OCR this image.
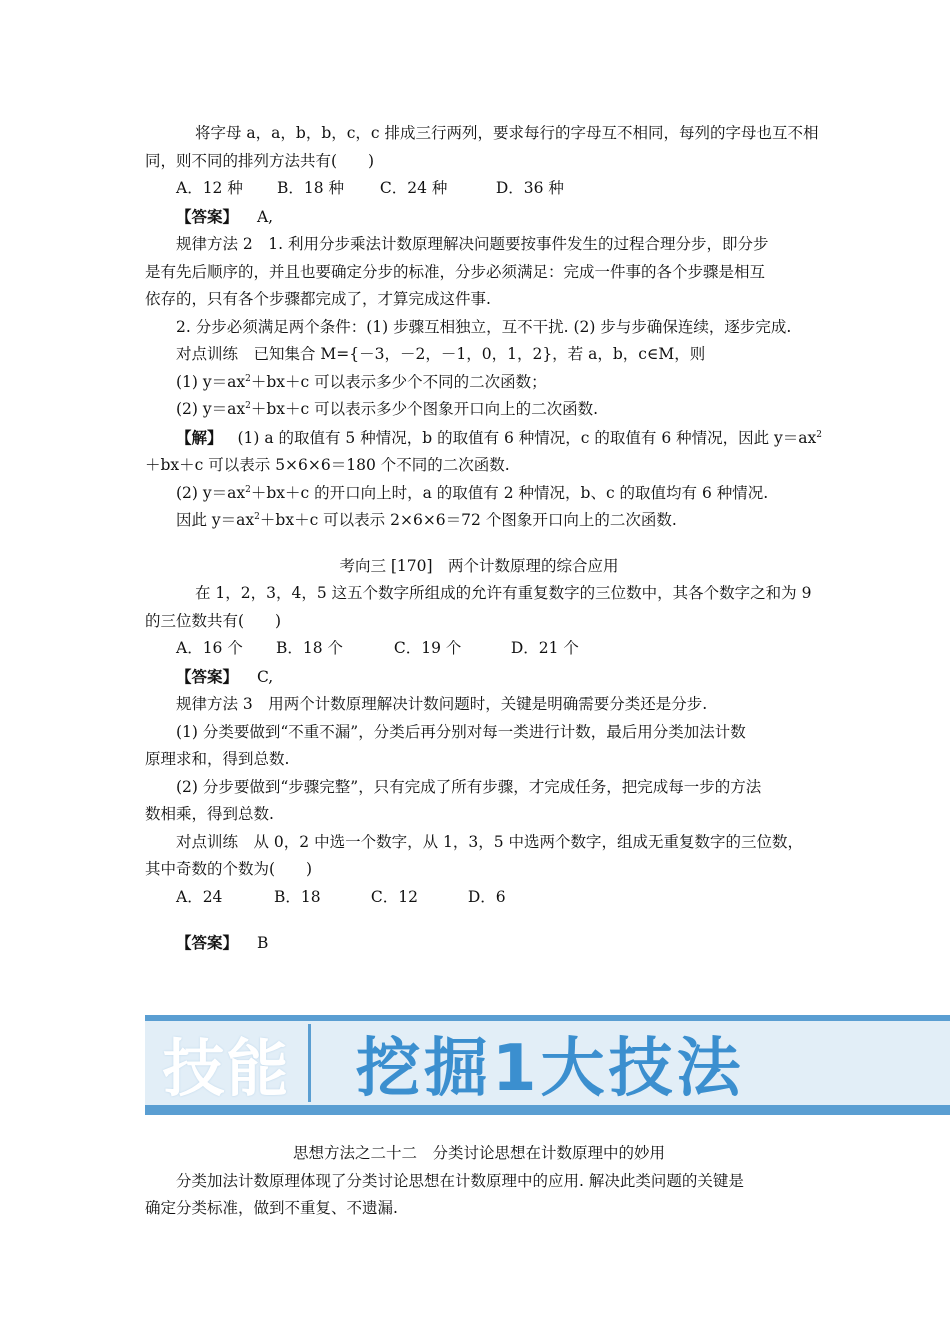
将字母 a，a，b，b，c，c 排成三行两列，要求每行的字母互不相同，每列的字母也互不相
同，则不同的排列方法共有(　　)
A．12 种 B．18 种 C．24 种	D．36 种
【答案】 A,
规律方法 2　1. 利用分步乘法计数原理解决问题要按事件发生的过程合理分步，即分步
是有先后顺序的，并且也要确定分步的标准，分步必须满足：完成一件事的各个步骤是相互
依存的，只有各个步骤都完成了，才算完成这件事.
2. 分步必须满足两个条件：(1) 步骤互相独立，互不干扰. (2) 步与步确保连续，逐步完成.
对点训练　已知集合 M={－3，－2，－1，0，1，2}，若 a，b，c∈M，则
(1) $y=ax^2+bx+c$ 可以表示多少个不同的二次函数；
(2) $y=ax^2+bx+c$ 可以表示多少个图象开口向上的二次函数.
【解】 (1) a 的取值有 5 种情况，b 的取值有 6 种情况，c 的取值有 6 种情况，因此 $y=ax^2$
＋bx＋c 可以表示 5×6×6＝180 个不同的二次函数.
(2) $y=ax^2+bx+c$ 的开口向上时，a 的取值有 2 种情况，b、c 的取值均有 6 种情况.
因此 $y=ax^2+bx+c$ 可以表示 2×6×6＝72 个图象开口向上的二次函数.
考向三 [170]　两个计数原理的综合应用
在 1，2，3，4，5 这五个数字所组成的允许有重复数字的三位数中，其各个数字之和为 9
的三位数共有(　　)
A．16 个 B．18 个	C．19 个	D．21 个
【答案】 C,
规律方法 3　用两个计数原理解决计数问题时，关键是明确需要分类还是分步.
(1) 分类要做到“不重不漏”，分类后再分别对每一类进行计数，最后用分类加法计数
原理求和，得到总数.
(2) 分步要做到“步骤完整”，只有完成了所有步骤，才完成任务，把完成每一步的方法
数相乘，得到总数.
对点训练　从 0，2 中选一个数字，从 1，3，5 中选两个数字，组成无重复数字的三位数，
其中奇数的个数为(　　)
A．24	B．18	C．12	D．6
【答案】 B
技能	挖掘1大技法
思想方法之二十二　分类讨论思想在计数原理中的妙用
分类加法计数原理体现了分类讨论思想在计数原理中的应用. 解决此类问题的关键是
确定分类标准，做到不重复、不遗漏.
